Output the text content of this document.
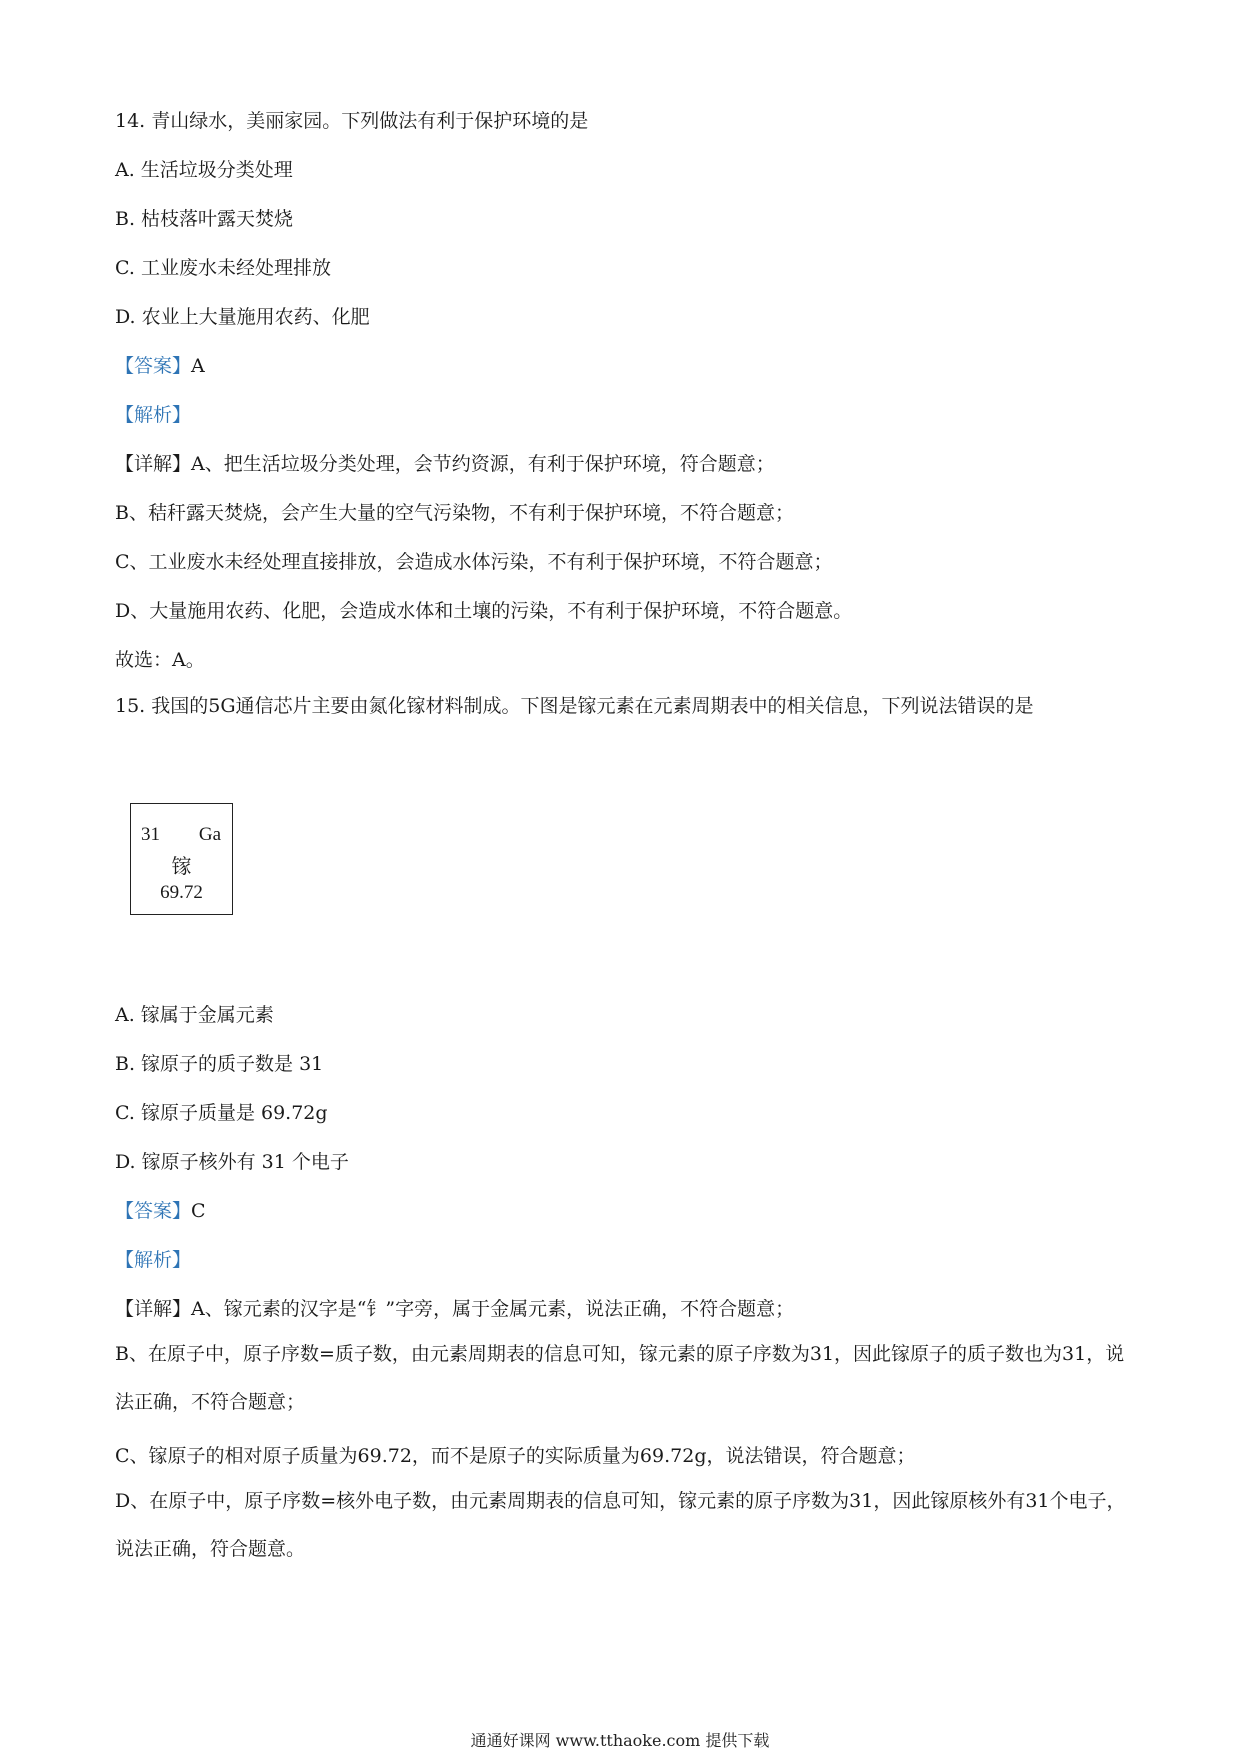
14. 青山绿水，美丽家园。下列做法有利于保护环境的是
A. 生活垃圾分类处理
B. 枯枝落叶露天焚烧
C. 工业废水未经处理排放
D. 农业上大量施用农药、化肥
【答案】A
【解析】
【详解】A、把生活垃圾分类处理，会节约资源，有利于保护环境，符合题意；
B、秸秆露天焚烧，会产生大量的空气污染物，不有利于保护环境，不符合题意；
C、工业废水未经处理直接排放，会造成水体污染，不有利于保护环境，不符合题意；
D、大量施用农药、化肥，会造成水体和土壤的污染，不有利于保护环境，不符合题意。
故选：A。
15. 我国的5G通信芯片主要由氮化镓材料制成。下图是镓元素在元素周期表中的相关信息，下列说法错误的是
31 Ga
镓
69.72
A. 镓属于金属元素
B. 镓原子的质子数是 31
C. 镓原子质量是 69.72g
D. 镓原子核外有 31 个电子
【答案】C
【解析】
【详解】A、镓元素的汉字是“钅”字旁，属于金属元素，说法正确，不符合题意；
B、在原子中，原子序数=质子数，由元素周期表的信息可知，镓元素的原子序数为31，因此镓原子的质子数也为31，说法正确，不符合题意；
C、镓原子的相对原子质量为69.72，而不是原子的实际质量为69.72g，说法错误，符合题意；
D、在原子中，原子序数=核外电子数，由元素周期表的信息可知，镓元素的原子序数为31，因此镓原核外有31个电子，说法正确，符合题意。
通通好课网 www.tthaoke.com 提供下载
